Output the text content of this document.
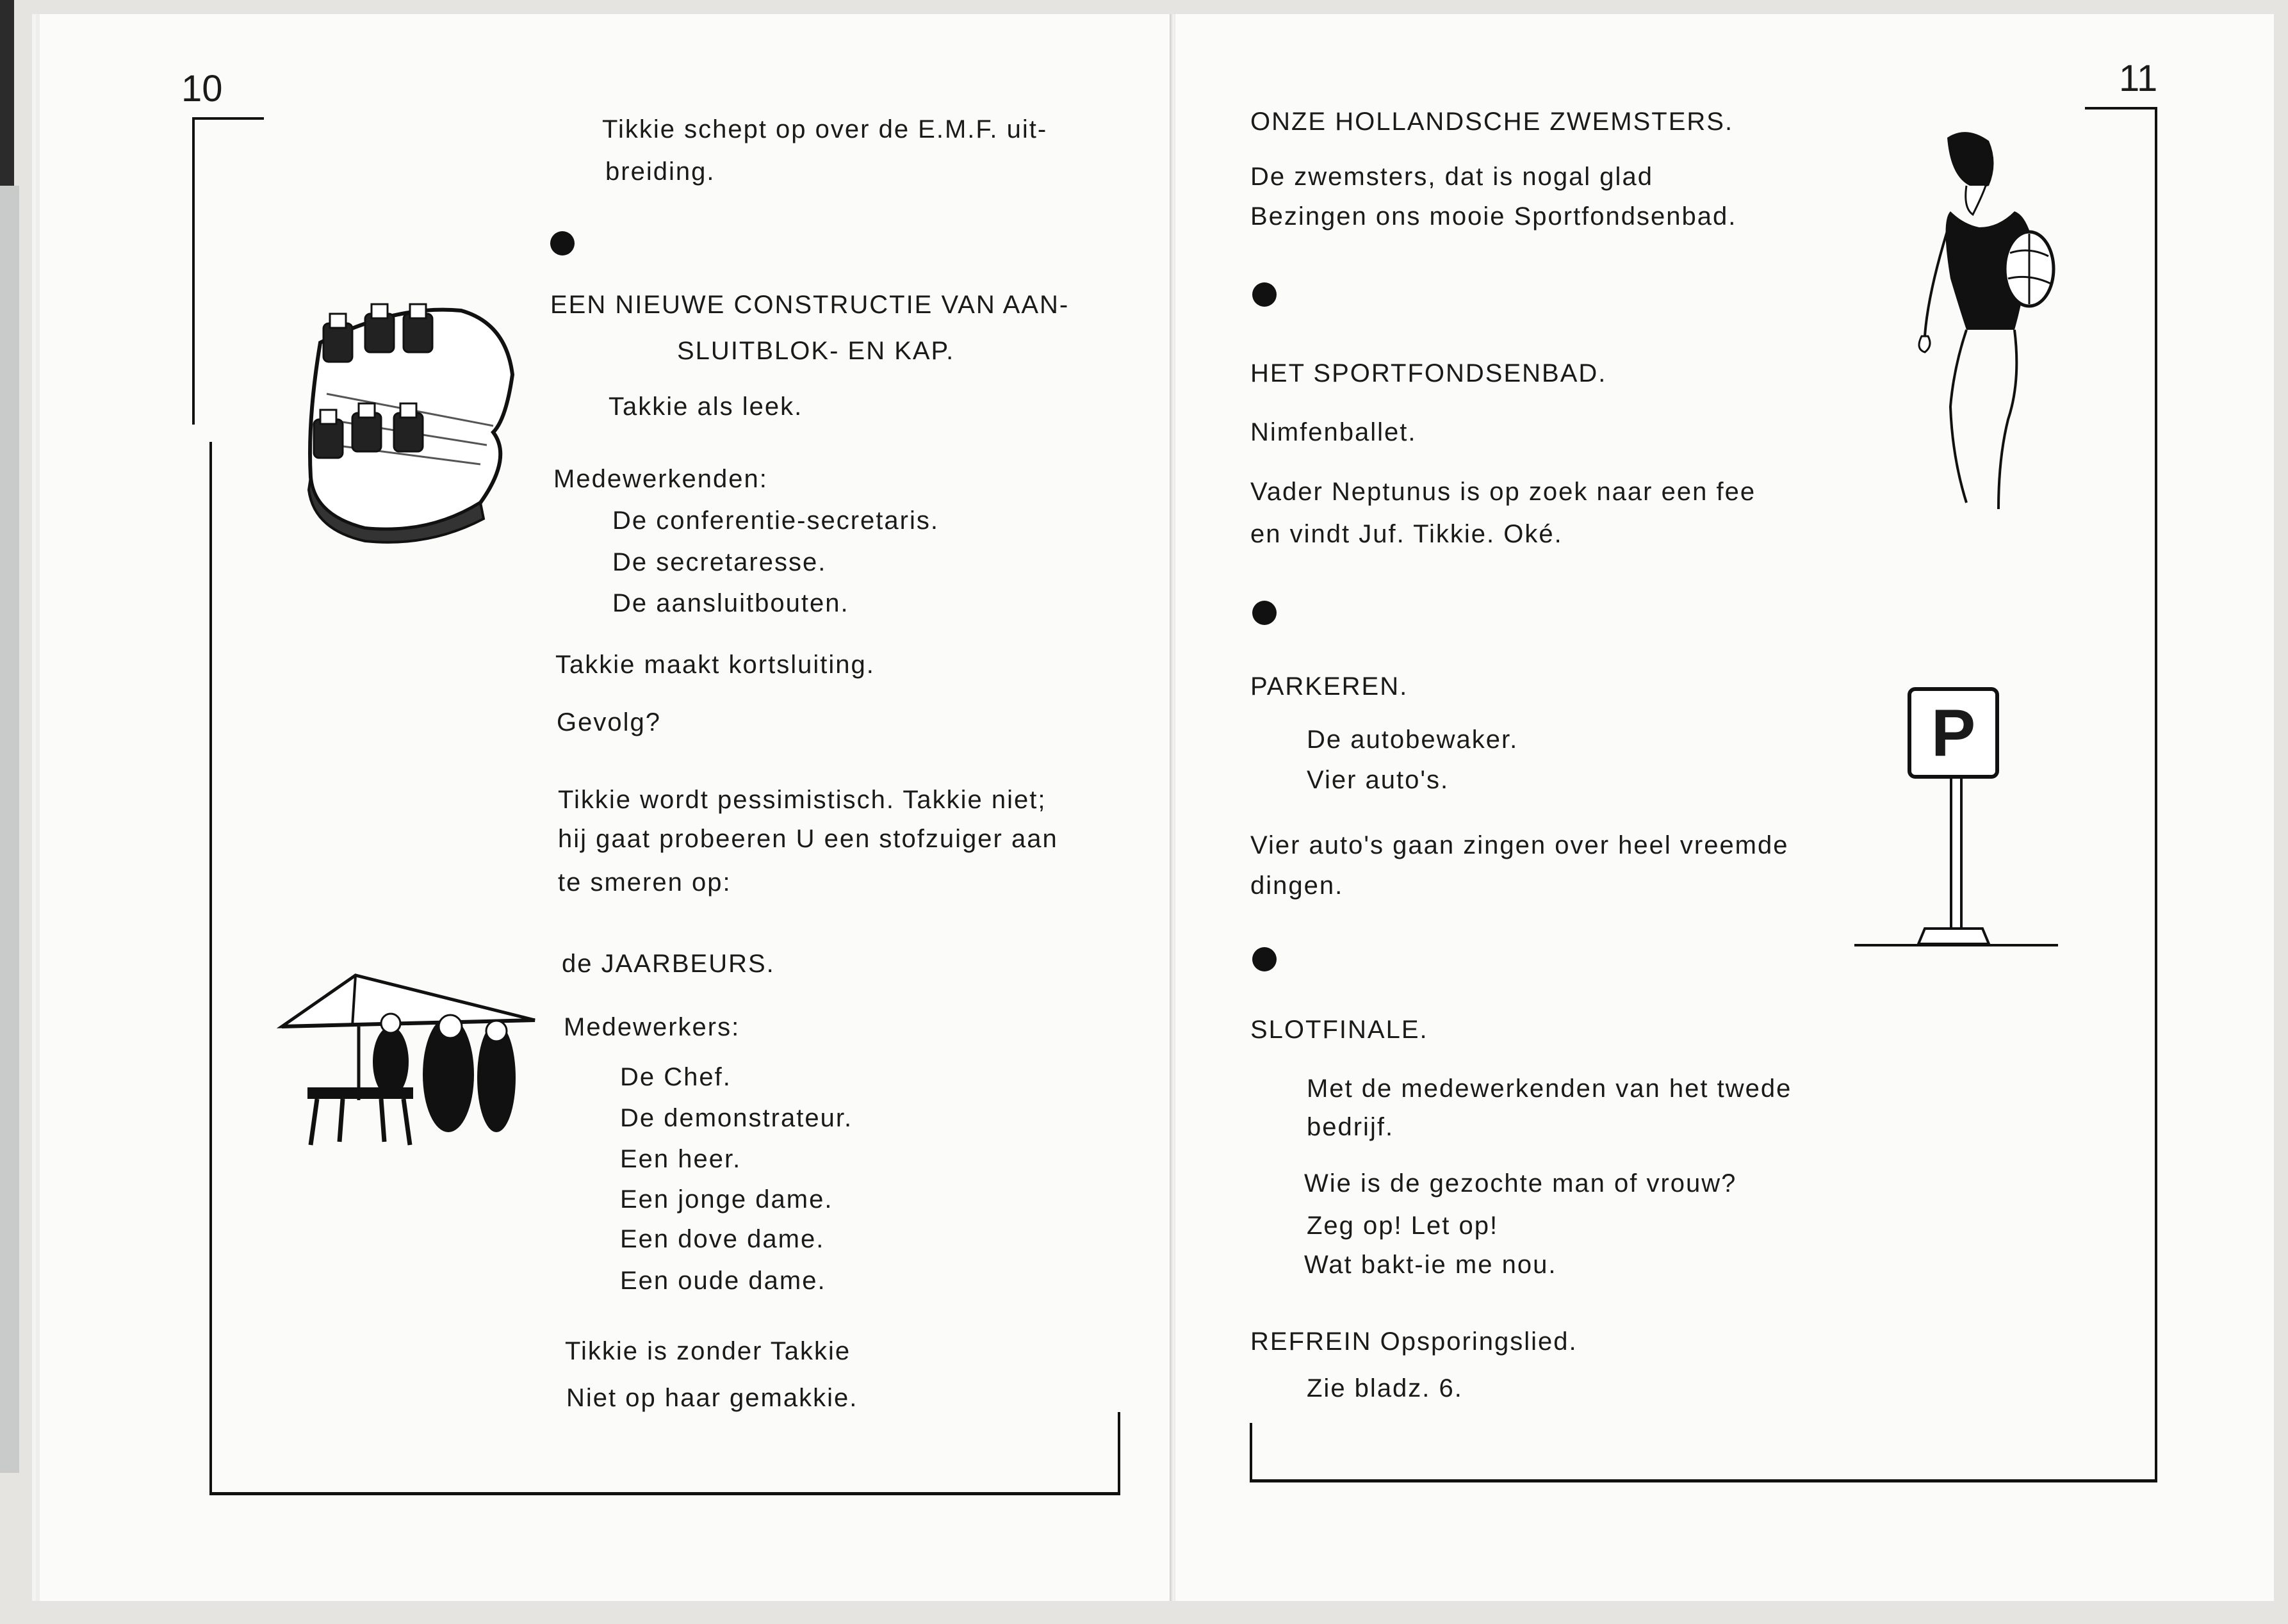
10
Tikkie schept op over de E.M.F. uit-
breiding.
EEN NIEUWE CONSTRUCTIE VAN AAN-
SLUITBLOK- EN KAP.
Takkie als leek.
Medewerkenden:
De conferentie-secretaris.
De secretaresse.
De aansluitbouten.
Takkie maakt kortsluiting.
Gevolg?
Tikkie wordt pessimistisch. Takkie niet;
hij gaat probeeren U een stofzuiger aan
te smeren op:
de JAARBEURS.
Medewerkers:
De Chef.
De demonstrateur.
Een heer.
Een jonge dame.
Een dove dame.
Een oude dame.
Tikkie is zonder Takkie
Niet op haar gemakkie.
11
ONZE HOLLANDSCHE ZWEMSTERS.
De zwemsters, dat is nogal glad
Bezingen ons mooie Sportfondsenbad.
HET SPORTFONDSENBAD.
Nimfenballet.
Vader Neptunus is op zoek naar een fee
en vindt Juf. Tikkie. Oké.
PARKEREN.
De autobewaker.
Vier auto's.
Vier auto's gaan zingen over heel vreemde
dingen.
SLOTFINALE.
Met de medewerkenden van het twede
bedrijf.
Wie is de gezochte man of vrouw?
Zeg op! Let op!
Wat bakt-ie me nou.
REFREIN Opsporingslied.
Zie bladz. 6.
P
